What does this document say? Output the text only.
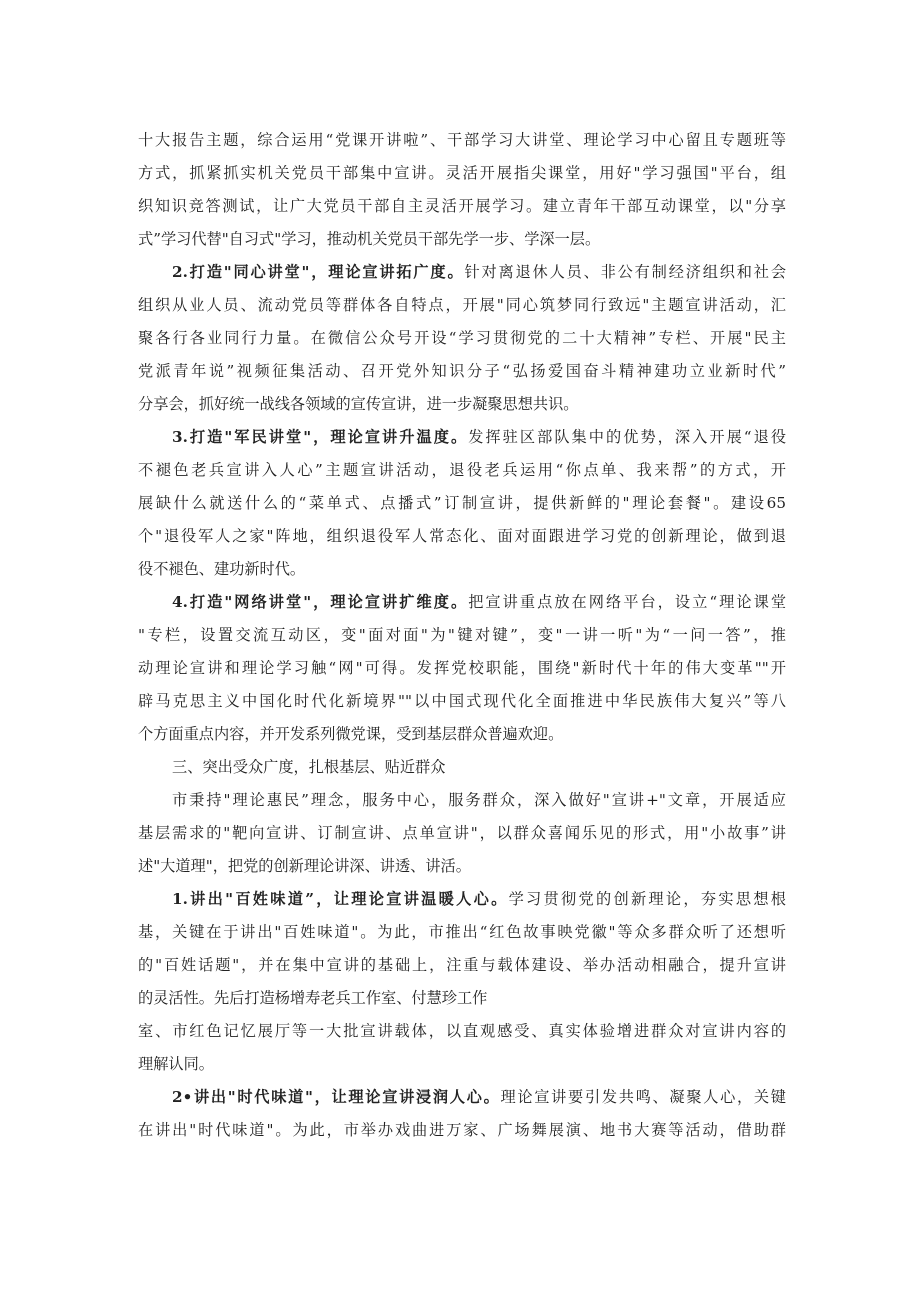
十大报告主题，综合运用“党课开讲啦”、干部学习大讲堂、理论学习中心留且专题班等
方式，抓紧抓实机关党员干部集中宣讲。灵活开展指尖课堂，用好"学习强国"平台，组
织知识竞答测试，让广大党员干部自主灵活开展学习。建立青年干部互动课堂，以"分享
式”学习代替"自习式"学习，推动机关党员干部先学一步、学深一层。
2.打造"同心讲堂"，理论宣讲拓广度。针对离退休人员、非公有制经济组织和社会
组织从业人员、流动党员等群体各自特点，开展"同心筑梦同行致远"主题宣讲活动，汇
聚各行各业同行力量。在微信公众号开设“学习贯彻党的二十大精神”专栏、开展"民主
党派青年说”视频征集活动、召开党外知识分子“弘扬爱国奋斗精神建功立业新时代”
分享会，抓好统一战线各领域的宣传宣讲，进一步凝聚思想共识。
3.打造"军民讲堂"，理论宣讲升温度。发挥驻区部队集中的优势，深入开展“退役
不褪色老兵宣讲入人心”主题宣讲活动，退役老兵运用“你点单、我来帮”的方式，开
展缺什么就送什么的“菜单式、点播式”订制宣讲，提供新鲜的"理论套餐"。建设65
个"退役军人之家"阵地，组织退役军人常态化、面对面跟进学习党的创新理论，做到退
役不褪色、建功新时代。
4.打造"网络讲堂"，理论宣讲扩维度。把宣讲重点放在网络平台，设立“理论课堂
"专栏，设置交流互动区，变"面对面"为"键对键”，变"一讲一听"为“一问一答”，推
动理论宣讲和理论学习触“网"可得。发挥党校职能，围绕"新时代十年的伟大变革""开
辟马克思主义中国化时代化新境界""以中国式现代化全面推进中华民族伟大复兴”等八
个方面重点内容，并开发系列微党课，受到基层群众普遍欢迎。
三、突出受众广度，扎根基层、贴近群众
市秉持"理论惠民”理念，服务中心，服务群众，深入做好"宣讲+"文章，开展适应
基层需求的"靶向宣讲、订制宣讲、点单宣讲"，以群众喜闻乐见的形式，用"小故事”讲
述"大道理"，把党的创新理论讲深、讲透、讲活。
1.讲出"百姓味道”，让理论宣讲温暖人心。学习贯彻党的创新理论，夯实思想根
基，关键在于讲出"百姓味道"。为此，市推出“红色故事映党徽"等众多群众听了还想听
的"百姓话题"，并在集中宣讲的基础上，注重与载体建设、举办活动相融合，提升宣讲
的灵活性。先后打造杨增寿老兵工作室、付慧珍工作
室、市红色记忆展厅等一大批宣讲载体，以直观感受、真实体验增进群众对宣讲内容的
理解认同。
2•讲出"时代味道"，让理论宣讲浸润人心。理论宣讲要引发共鸣、凝聚人心，关键
在讲出"时代味道"。为此，市举办戏曲进万家、广场舞展演、地书大赛等活动，借助群
